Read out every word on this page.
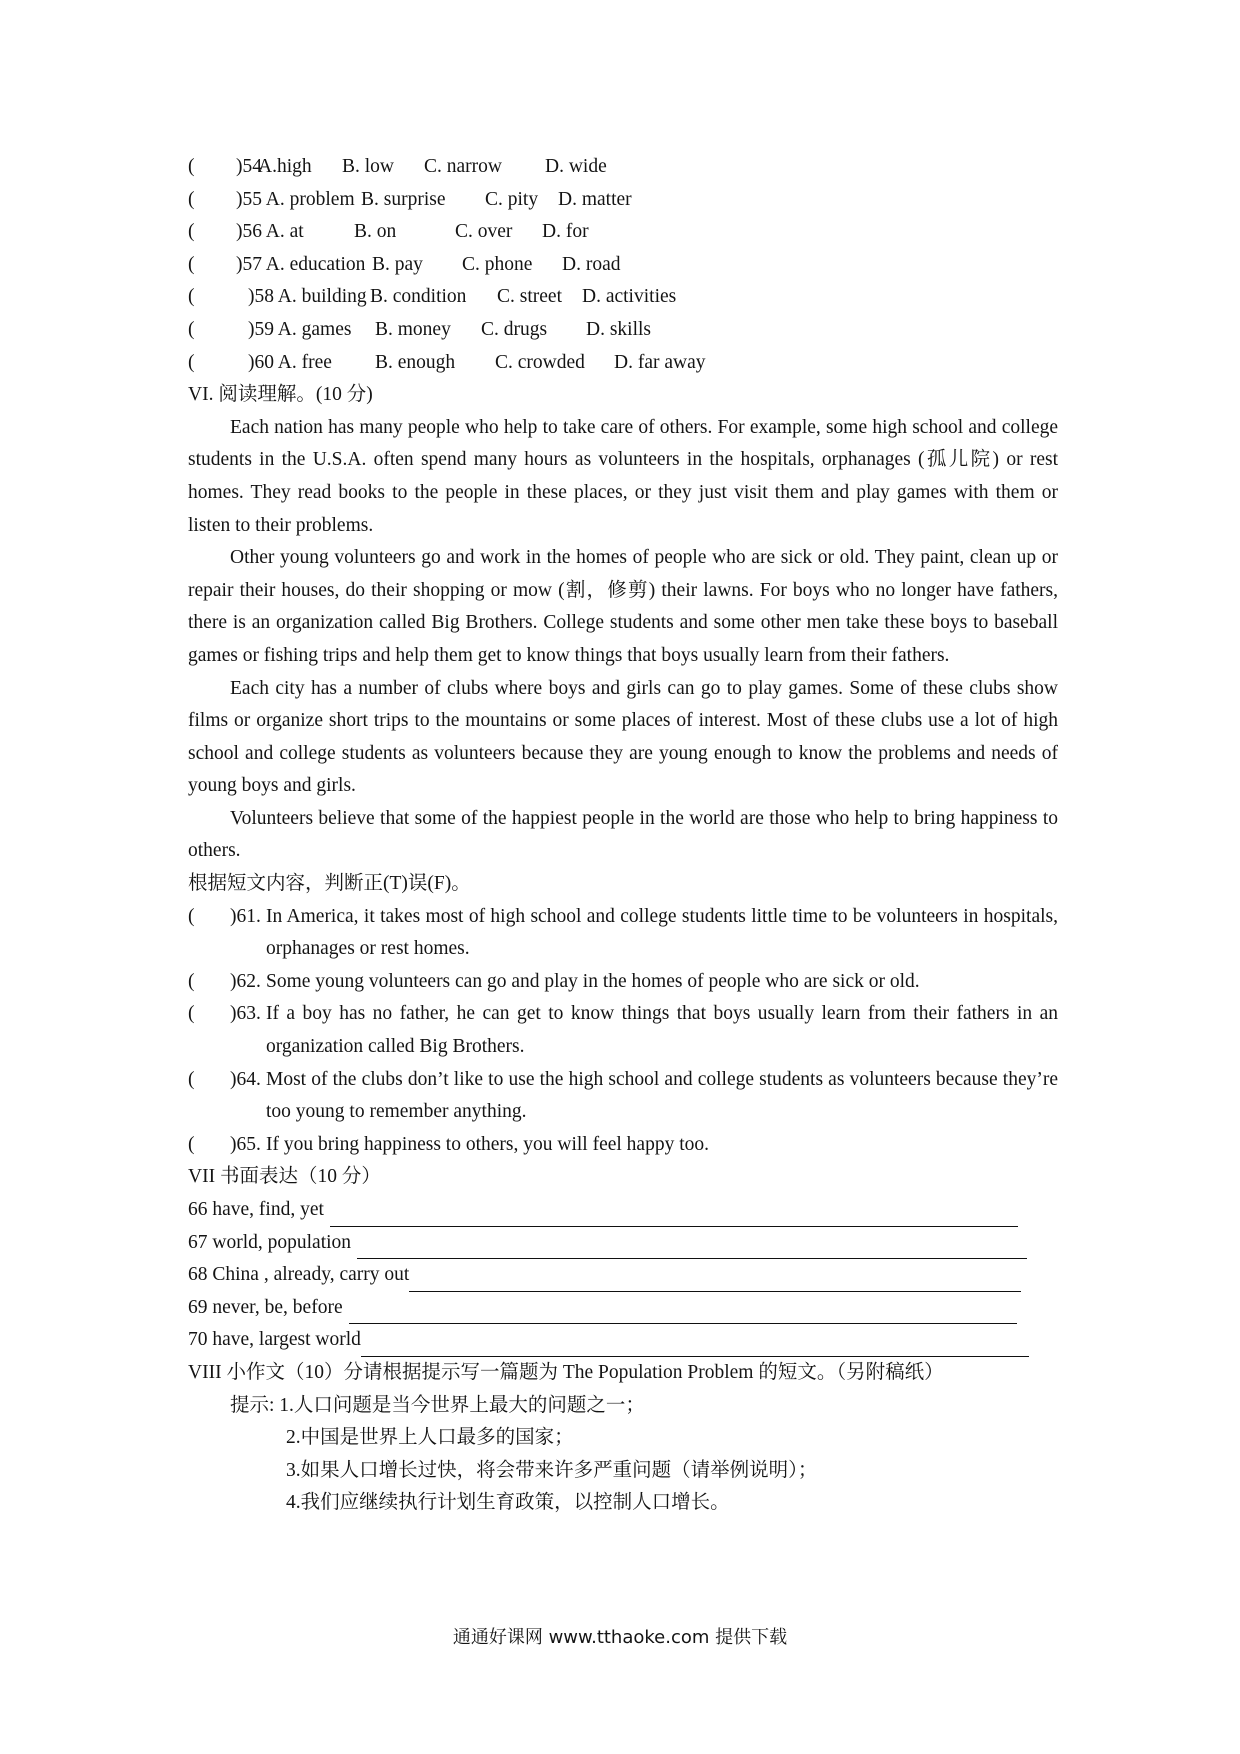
( )54
A.high B. low C. narrow D. wide
( )55 A. problem B. surprise C. pity D. matter
( )56 A. at	B. on	C. over D. for
( )57 A. education B. pay C. phone D. road
(	)58 A. building B. condition C. street D. activities
(	)59 A. games B. money C. drugs D. skills
(	)60 A. free B. enough C. crowded D. far away
VI. 阅读理解。(10 分)

Each nation has many people who help to take care of others. For example, some high school and college students in the U.S.A. often spend many hours as volunteers in the hospitals, orphanages (孤儿院) or rest homes. They read books to the people in these places, or they just visit them and play games with them or listen to their problems.

Other young volunteers go and work in the homes of people who are sick or old. They paint, clean up or repair their houses, do their shopping or mow (割，修剪) their lawns. For boys who no longer have fathers, there is an organization called Big Brothers. College students and some other men take these boys to baseball games or fishing trips and help them get to know things that boys usually learn from their fathers.

Each city has a number of clubs where boys and girls can go to play games. Some of these clubs show films or organize short trips to the mountains or some places of interest. Most of these clubs use a lot of high school and college students as volunteers because they are young enough to know the problems and needs of young boys and girls.

Volunteers believe that some of the happiest people in the world are those who help to bring happiness to others.

根据短文内容，判断正(T)误(F)。
( )61. In America, it takes most of high school and college students little time to be volunteers in hospitals, orphanages or rest homes.
( )62. Some young volunteers can go and play in the homes of people who are sick or old.
( )63. If a boy has no father, he can get to know things that boys usually learn from their fathers in an organization called Big Brothers.
( )64. Most of the clubs don’t like to use the high school and college students as volunteers because they’re too young to remember anything.
( )65. If you bring happiness to others, you will feel happy too.
VII 书面表达（10 分）
66 have, find, yet
67 world, population
68 China , already, carry out
69 never, be, before
70 have, largest world
VIII 小作文（10）分请根据提示写一篇题为 The Population Problem 的短文。（另附稿纸）
提示: 1.人口问题是当今世界上最大的问题之一；
2.中国是世界上人口最多的国家；
3.如果人口增长过快，将会带来许多严重问题（请举例说明）；
4.我们应继续执行计划生育政策，以控制人口增长。
通通好课网 www.tthaoke.com 提供下载
